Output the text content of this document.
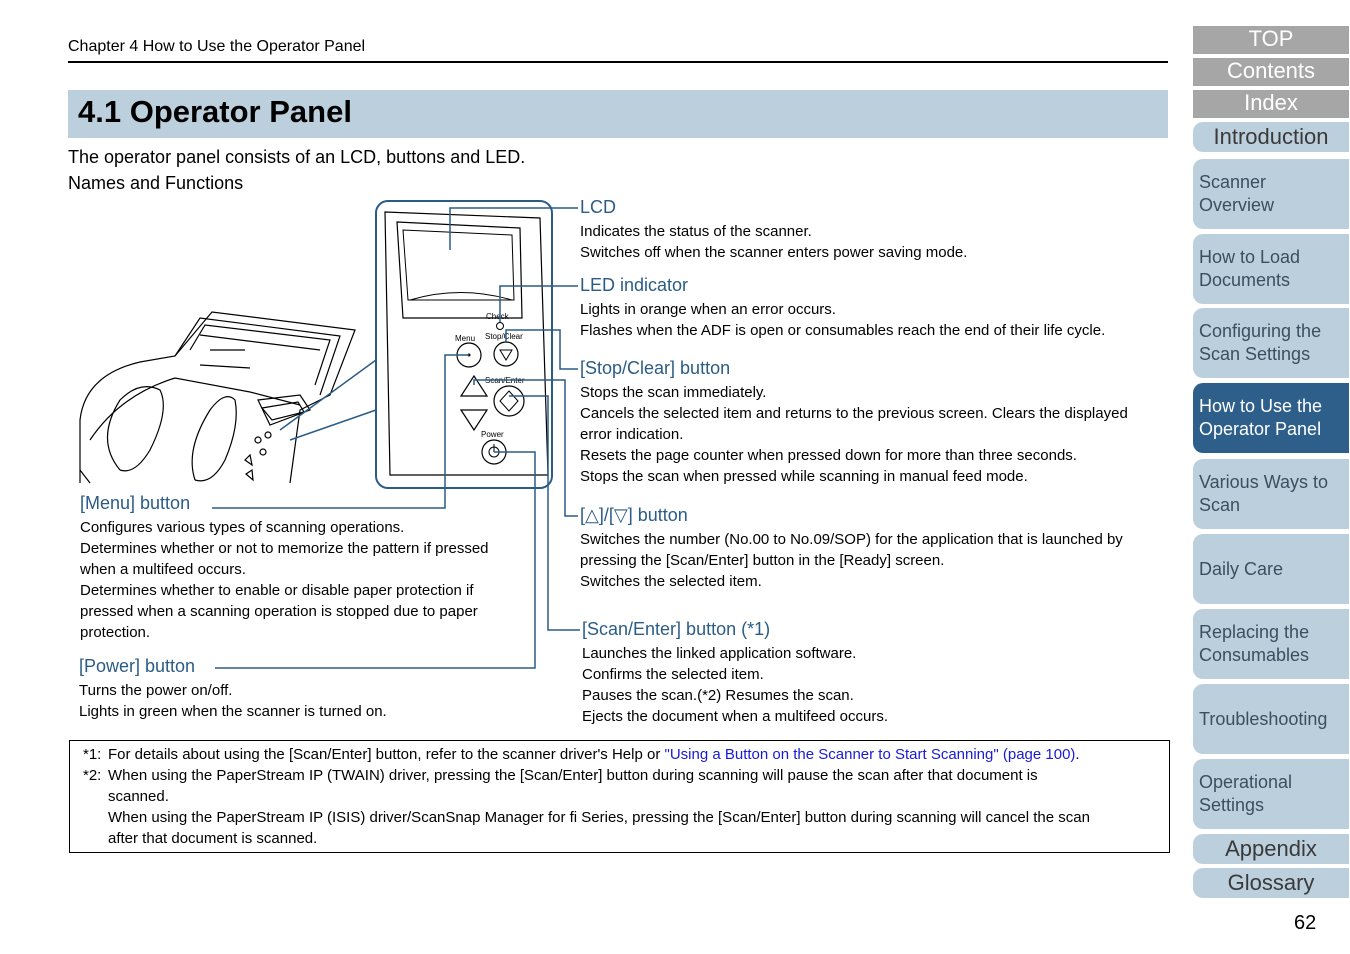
Chapter 4 How to Use the Operator Panel
4.1 Operator Panel
The operator panel consists of an LCD, buttons and LED.
Names and Functions
Check
Menu Stop/Clear
Scan/Enter
Power
LCD
Indicates the status of the scanner.
Switches off when the scanner enters power saving mode.
LED indicator
Lights in orange when an error occurs.
Flashes when the ADF is open or consumables reach the end of their life cycle.
[Stop/Clear] button
Stops the scan immediately.
Cancels the selected item and returns to the previous screen. Clears the displayed
error indication.
Resets the page counter when pressed down for more than three seconds.
Stops the scan when pressed while scanning in manual feed mode.
[△]/[▽] button
Switches the number (No.00 to No.09/SOP) for the application that is launched by
pressing the [Scan/Enter] button in the [Ready] screen.
Switches the selected item.
[Scan/Enter] button (*1)
Launches the linked application software.
Confirms the selected item.
Pauses the scan.(*2) Resumes the scan.
Ejects the document when a multifeed occurs.
[Menu] button
Configures various types of scanning operations.
Determines whether or not to memorize the pattern if pressed
when a multifeed occurs.
Determines whether to enable or disable paper protection if
pressed when a scanning operation is stopped due to paper
protection.
[Power] button
Turns the power on/off.
Lights in green when the scanner is turned on.
*1: For details about using the [Scan/Enter] button, refer to the scanner driver's Help or "Using a Button on the Scanner to Start Scanning" (page 100).
*2: When using the PaperStream IP (TWAIN) driver, pressing the [Scan/Enter] button during scanning will pause the scan after that document is
scanned.
When using the PaperStream IP (ISIS) driver/ScanSnap Manager for fi Series, pressing the [Scan/Enter] button during scanning will cancel the scan
after that document is scanned.
TOP
Contents
Index
Introduction
Scanner
Overview
How to Load
Documents
Configuring the
Scan Settings
How to Use the
Operator Panel
Various Ways to
Scan
Daily Care
Replacing the
Consumables
Troubleshooting
Operational
Settings
Appendix
Glossary
62
